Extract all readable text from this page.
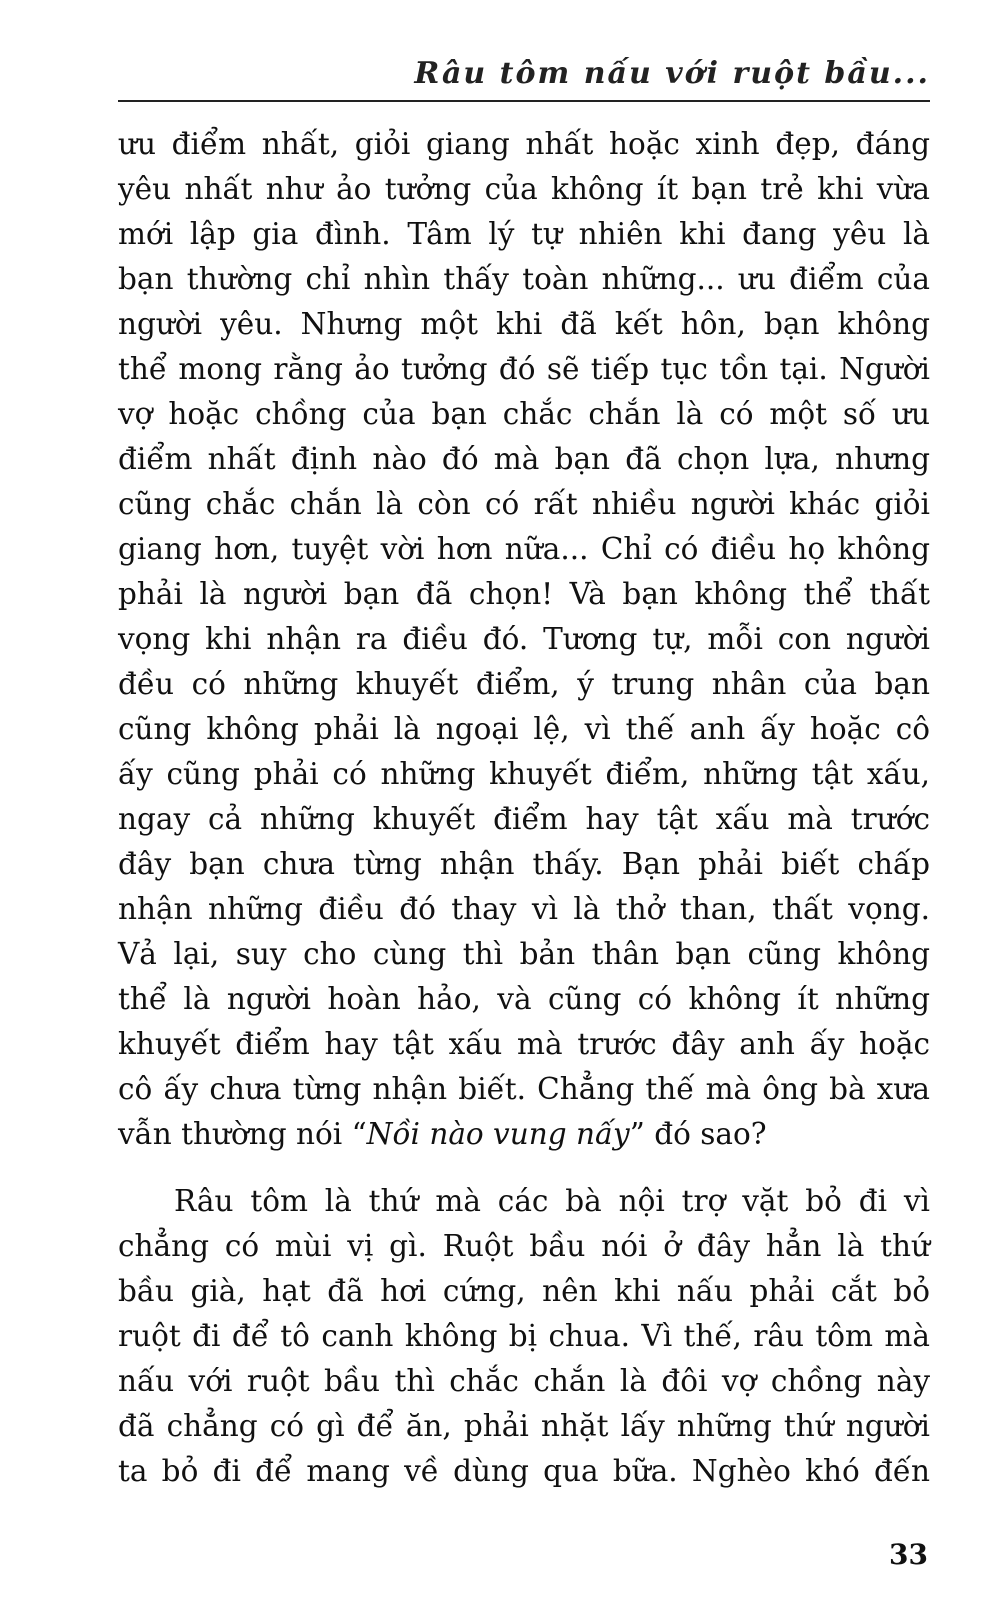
Râu tôm nấu với ruột bầu...

ưu điểm nhất, giỏi giang nhất hoặc xinh đẹp, đáng
yêu nhất như ảo tưởng của không ít bạn trẻ khi vừa
mới lập gia đình. Tâm lý tự nhiên khi đang yêu là
bạn thường chỉ nhìn thấy toàn những... ưu điểm của
người yêu. Nhưng một khi đã kết hôn, bạn không
thể mong rằng ảo tưởng đó sẽ tiếp tục tồn tại. Người
vợ hoặc chồng của bạn chắc chắn là có một số ưu
điểm nhất định nào đó mà bạn đã chọn lựa, nhưng
cũng chắc chắn là còn có rất nhiều người khác giỏi
giang hơn, tuyệt vời hơn nữa... Chỉ có điều họ không
phải là người bạn đã chọn! Và bạn không thể thất
vọng khi nhận ra điều đó. Tương tự, mỗi con người
đều có những khuyết điểm, ý trung nhân của bạn
cũng không phải là ngoại lệ, vì thế anh ấy hoặc cô
ấy cũng phải có những khuyết điểm, những tật xấu,
ngay cả những khuyết điểm hay tật xấu mà trước
đây bạn chưa từng nhận thấy. Bạn phải biết chấp
nhận những điều đó thay vì là thở than, thất vọng.
Vả lại, suy cho cùng thì bản thân bạn cũng không
thể là người hoàn hảo, và cũng có không ít những
khuyết điểm hay tật xấu mà trước đây anh ấy hoặc
cô ấy chưa từng nhận biết. Chẳng thế mà ông bà xưa
vẫn thường nói “Nồi nào vung nấy” đó sao?

Râu tôm là thứ mà các bà nội trợ vặt bỏ đi vì
chẳng có mùi vị gì. Ruột bầu nói ở đây hẳn là thứ
bầu già, hạt đã hơi cứng, nên khi nấu phải cắt bỏ
ruột đi để tô canh không bị chua. Vì thế, râu tôm mà
nấu với ruột bầu thì chắc chắn là đôi vợ chồng này
đã chẳng có gì để ăn, phải nhặt lấy những thứ người
ta bỏ đi để mang về dùng qua bữa. Nghèo khó đến

33
